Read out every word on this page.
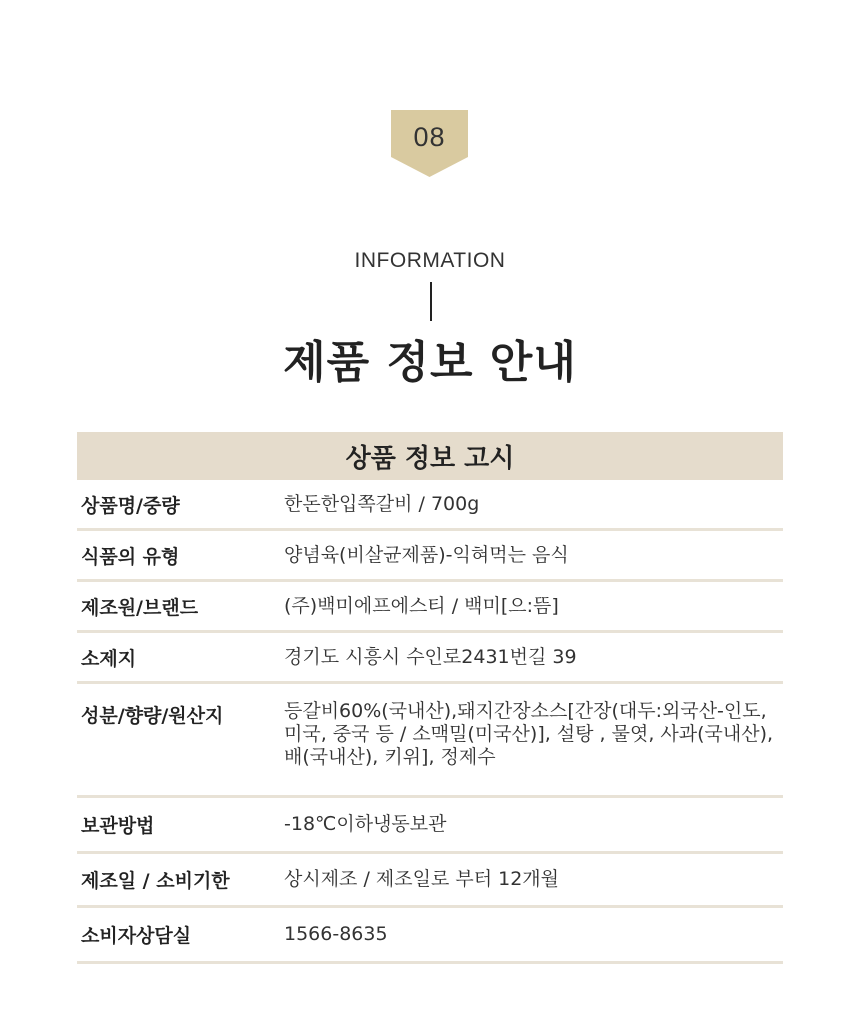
08
INFORMATION
제품 정보 안내
상품 정보 고시
상품명/중량	한돈한입쪽갈비 / 700g
식품의 유형	양념육(비살균제품)-익혀먹는 음식
제조원/브랜드	(주)백미에프에스티 / 백미[으:뜸]
소제지	경기도 시흥시 수인로2431번길 39
성분/향량/원산지	등갈비60%(국내산),돼지간장소스[간장(대두:외국산-인도, 미국, 중국 등 / 소맥밀(미국산)], 설탕 , 물엿, 사과(국내산), 배(국내산), 키위], 정제수
보관방법	-18℃이하냉동보관
제조일 / 소비기한	상시제조 / 제조일로 부터 12개월
소비자상담실	1566-8635
